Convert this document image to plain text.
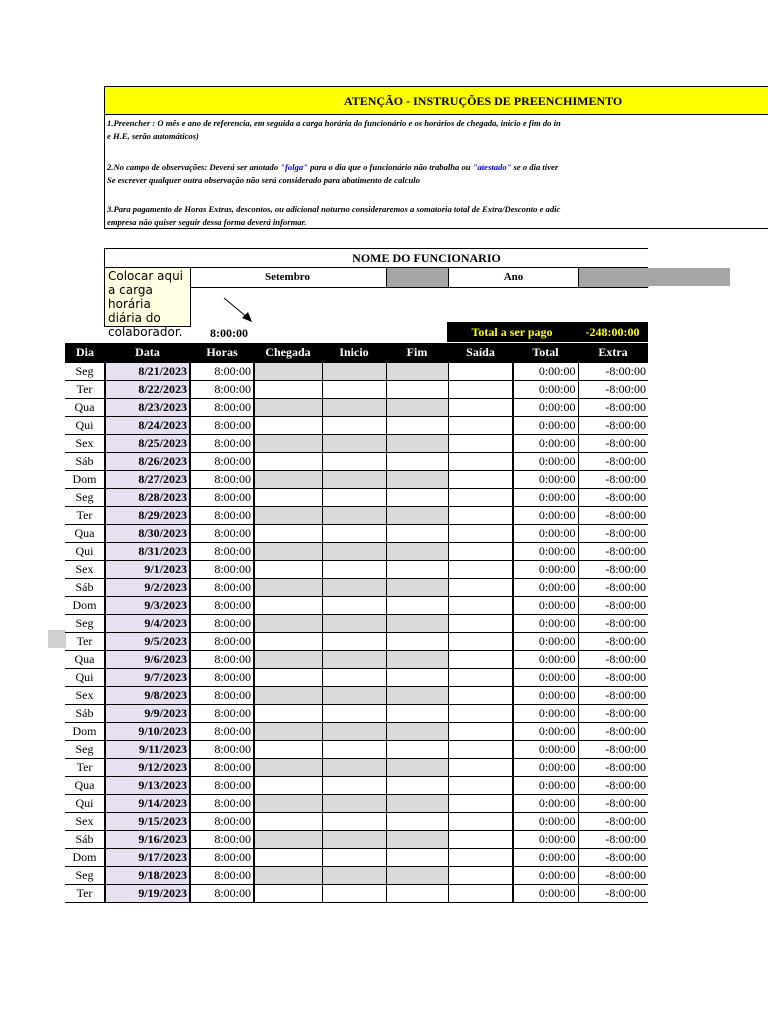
ATENÇÃO - INSTRUÇÕES DE PREENCHIMENTO
1.Preencher : O mês e ano de referencia, em seguida a carga horária do funcionário e os horários de chegada, inicio e fim do in
e H.E, serão automáticos)
2.No campo de observações: Deverá ser anotado "folga" para o dia que o funcionário não trabalha ou "atestado" se o dia tiver
Se escrever qualquer outra observação não será considerado para abatimento de calculo
3.Para pagamento de Horas Extras, descontos, ou adicional noturno consideraremos a somatoria total de Extra/Desconto e adic
empresa não quiser seguir dessa forma deverá informar.
NOME DO FUNCIONARIO
Setembro	Ano
Colocar aqui a carga horária diária do colaborador.	8:00:00	Total a ser pago	-248:00:00
Dia	Data	Horas	Chegada	Inicio	Fim	Saída	Total	Extra
Seg	8/21/2023	8:00:00					0:00:00	-8:00:00
Ter	8/22/2023	8:00:00					0:00:00	-8:00:00
Qua	8/23/2023	8:00:00					0:00:00	-8:00:00
Qui	8/24/2023	8:00:00					0:00:00	-8:00:00
Sex	8/25/2023	8:00:00					0:00:00	-8:00:00
Sáb	8/26/2023	8:00:00					0:00:00	-8:00:00
Dom	8/27/2023	8:00:00					0:00:00	-8:00:00
Seg	8/28/2023	8:00:00					0:00:00	-8:00:00
Ter	8/29/2023	8:00:00					0:00:00	-8:00:00
Qua	8/30/2023	8:00:00					0:00:00	-8:00:00
Qui	8/31/2023	8:00:00					0:00:00	-8:00:00
Sex	9/1/2023	8:00:00					0:00:00	-8:00:00
Sáb	9/2/2023	8:00:00					0:00:00	-8:00:00
Dom	9/3/2023	8:00:00					0:00:00	-8:00:00
Seg	9/4/2023	8:00:00					0:00:00	-8:00:00
Ter	9/5/2023	8:00:00					0:00:00	-8:00:00
Qua	9/6/2023	8:00:00					0:00:00	-8:00:00
Qui	9/7/2023	8:00:00					0:00:00	-8:00:00
Sex	9/8/2023	8:00:00					0:00:00	-8:00:00
Sáb	9/9/2023	8:00:00					0:00:00	-8:00:00
Dom	9/10/2023	8:00:00					0:00:00	-8:00:00
Seg	9/11/2023	8:00:00					0:00:00	-8:00:00
Ter	9/12/2023	8:00:00					0:00:00	-8:00:00
Qua	9/13/2023	8:00:00					0:00:00	-8:00:00
Qui	9/14/2023	8:00:00					0:00:00	-8:00:00
Sex	9/15/2023	8:00:00					0:00:00	-8:00:00
Sáb	9/16/2023	8:00:00					0:00:00	-8:00:00
Dom	9/17/2023	8:00:00					0:00:00	-8:00:00
Seg	9/18/2023	8:00:00					0:00:00	-8:00:00
Ter	9/19/2023	8:00:00					0:00:00	-8:00:00
